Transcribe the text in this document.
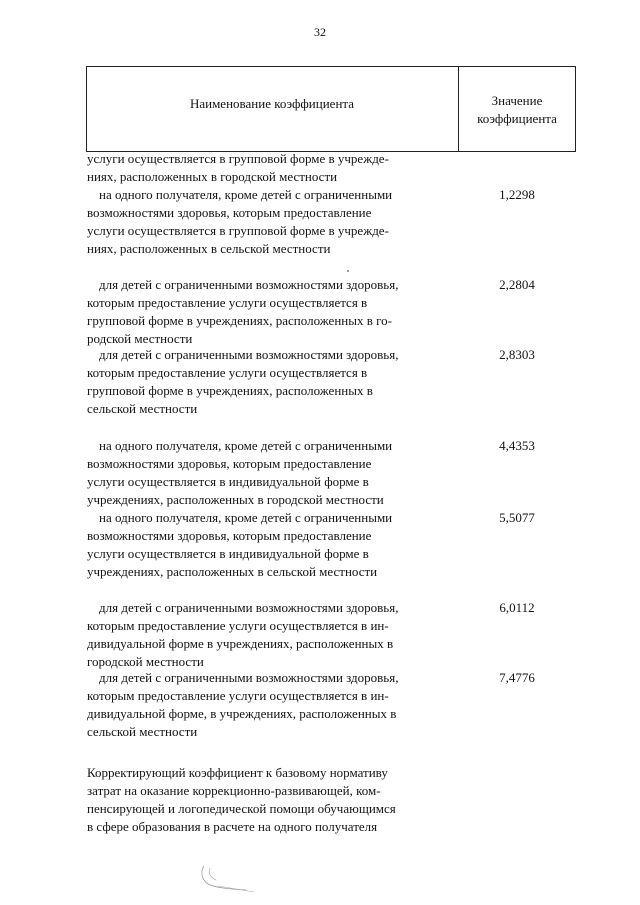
32
Наименование коэффициента	Значение
коэффициента
услуги осуществляется в групповой форме в учрежде-
ниях, расположенных в городской местности
на одного получателя, кроме детей с ограниченными
возможностями здоровья, которым предоставление
услуги осуществляется в групповой форме в учрежде-
ниях, расположенных в сельской местности
1,2298
для детей с ограниченными возможностями здоровья,
которым предоставление услуги осуществляется в
групповой форме в учреждениях, расположенных в го-
родской местности
2,2804
для детей с ограниченными возможностями здоровья,
которым предоставление услуги осуществляется в
групповой форме в учреждениях, расположенных в
сельской местности
2,8303
на одного получателя, кроме детей с ограниченными
возможностями здоровья, которым предоставление
услуги осуществляется в индивидуальной форме в
учреждениях, расположенных в городской местности
4,4353
на одного получателя, кроме детей с ограниченными
возможностями здоровья, которым предоставление
услуги осуществляется в индивидуальной форме в
учреждениях, расположенных в сельской местности
5,5077
для детей с ограниченными возможностями здоровья,
которым предоставление услуги осуществляется в ин-
дивидуальной форме в учреждениях, расположенных в
городской местности
6,0112
для детей с ограниченными возможностями здоровья,
которым предоставление услуги осуществляется в ин-
дивидуальной форме, в учреждениях, расположенных в
сельской местности
7,4776
Корректирующий коэффициент к базовому нормативу
затрат на оказание коррекционно-развивающей, ком-
пенсирующей и логопедической помощи обучающимся
в сфере образования в расчете на одного получателя
